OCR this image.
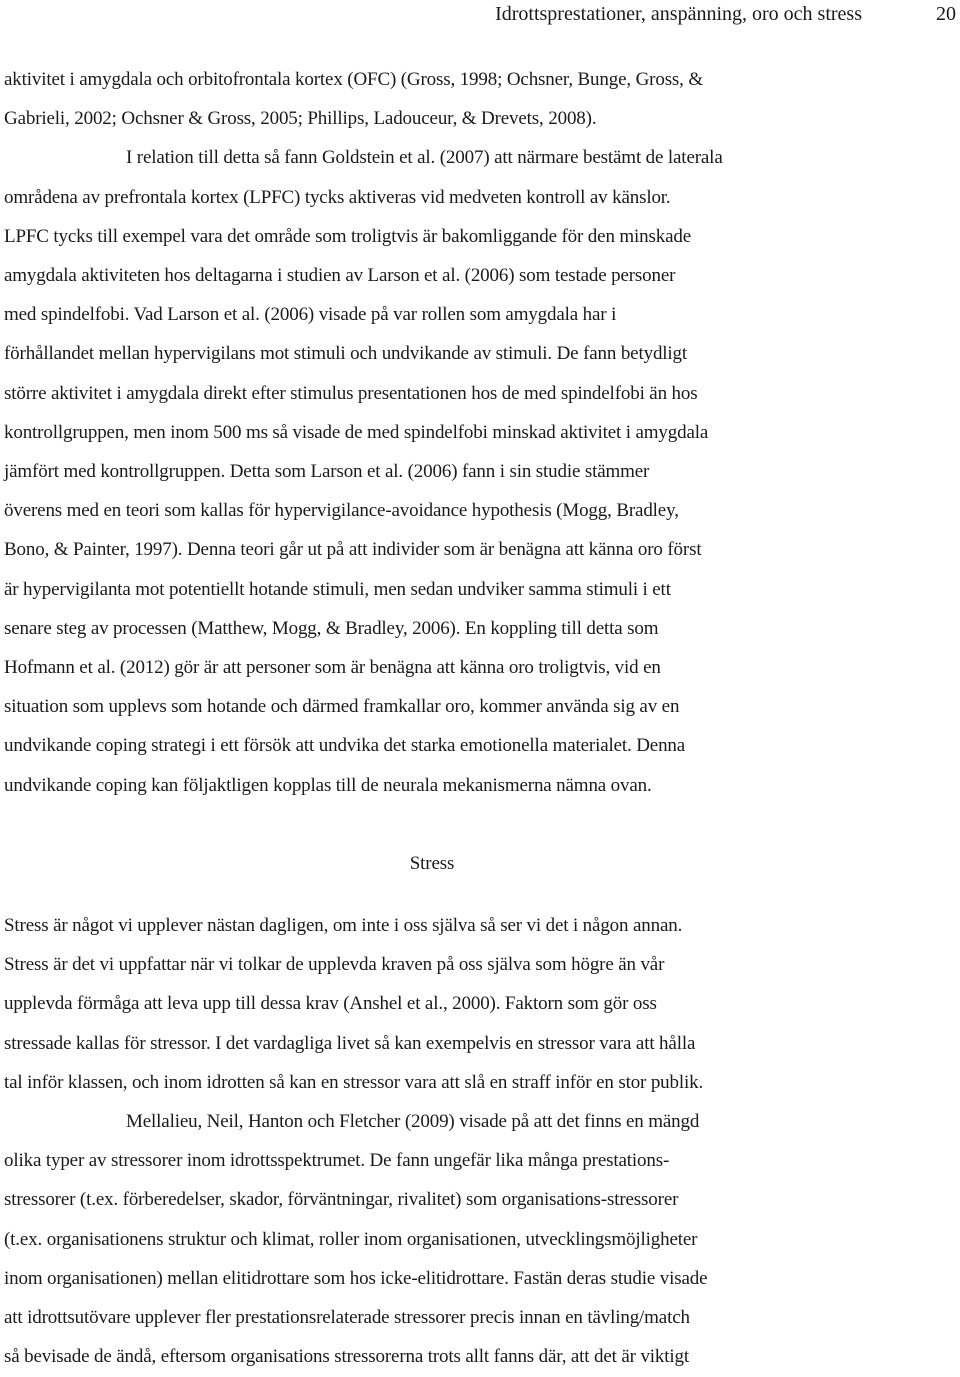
Idrottsprestationer, anspänning, oro och stress	20
aktivitet i amygdala och orbitofrontala kortex (OFC) (Gross, 1998; Ochsner, Bunge, Gross, &
Gabrieli, 2002; Ochsner & Gross, 2005; Phillips, Ladouceur, & Drevets, 2008).
I relation till detta så fann Goldstein et al. (2007) att närmare bestämt de laterala
områdena av prefrontala kortex (LPFC) tycks aktiveras vid medveten kontroll av känslor.
LPFC tycks till exempel vara det område som troligtvis är bakomliggande för den minskade
amygdala aktiviteten hos deltagarna i studien av Larson et al. (2006) som testade personer
med spindelfobi. Vad Larson et al. (2006) visade på var rollen som amygdala har i
förhållandet mellan hypervigilans mot stimuli och undvikande av stimuli. De fann betydligt
större aktivitet i amygdala direkt efter stimulus presentationen hos de med spindelfobi än hos
kontrollgruppen, men inom 500 ms så visade de med spindelfobi minskad aktivitet i amygdala
jämfört med kontrollgruppen. Detta som Larson et al. (2006) fann i sin studie stämmer
överens med en teori som kallas för hypervigilance-avoidance hypothesis (Mogg, Bradley,
Bono, & Painter, 1997). Denna teori går ut på att individer som är benägna att känna oro först
är hypervigilanta mot potentiellt hotande stimuli, men sedan undviker samma stimuli i ett
senare steg av processen (Matthew, Mogg, & Bradley, 2006). En koppling till detta som
Hofmann et al. (2012) gör är att personer som är benägna att känna oro troligtvis, vid en
situation som upplevs som hotande och därmed framkallar oro, kommer använda sig av en
undvikande coping strategi i ett försök att undvika det starka emotionella materialet. Denna
undvikande coping kan följaktligen kopplas till de neurala mekanismerna nämna ovan.
Stress
Stress är något vi upplever nästan dagligen, om inte i oss själva så ser vi det i någon annan.
Stress är det vi uppfattar när vi tolkar de upplevda kraven på oss själva som högre än vår
upplevda förmåga att leva upp till dessa krav (Anshel et al., 2000). Faktorn som gör oss
stressade kallas för stressor. I det vardagliga livet så kan exempelvis en stressor vara att hålla
tal inför klassen, och inom idrotten så kan en stressor vara att slå en straff inför en stor publik.
Mellalieu, Neil, Hanton och Fletcher (2009) visade på att det finns en mängd
olika typer av stressorer inom idrottsspektrumet. De fann ungefär lika många prestations-
stressorer (t.ex. förberedelser, skador, förväntningar, rivalitet) som organisations-stressorer
(t.ex. organisationens struktur och klimat, roller inom organisationen, utvecklingsmöjligheter
inom organisationen) mellan elitidrottare som hos icke-elitidrottare. Fastän deras studie visade
att idrottsutövare upplever fler prestationsrelaterade stressorer precis innan en tävling/match
så bevisade de ändå, eftersom organisations stressorerna trots allt fanns där, att det är viktigt
